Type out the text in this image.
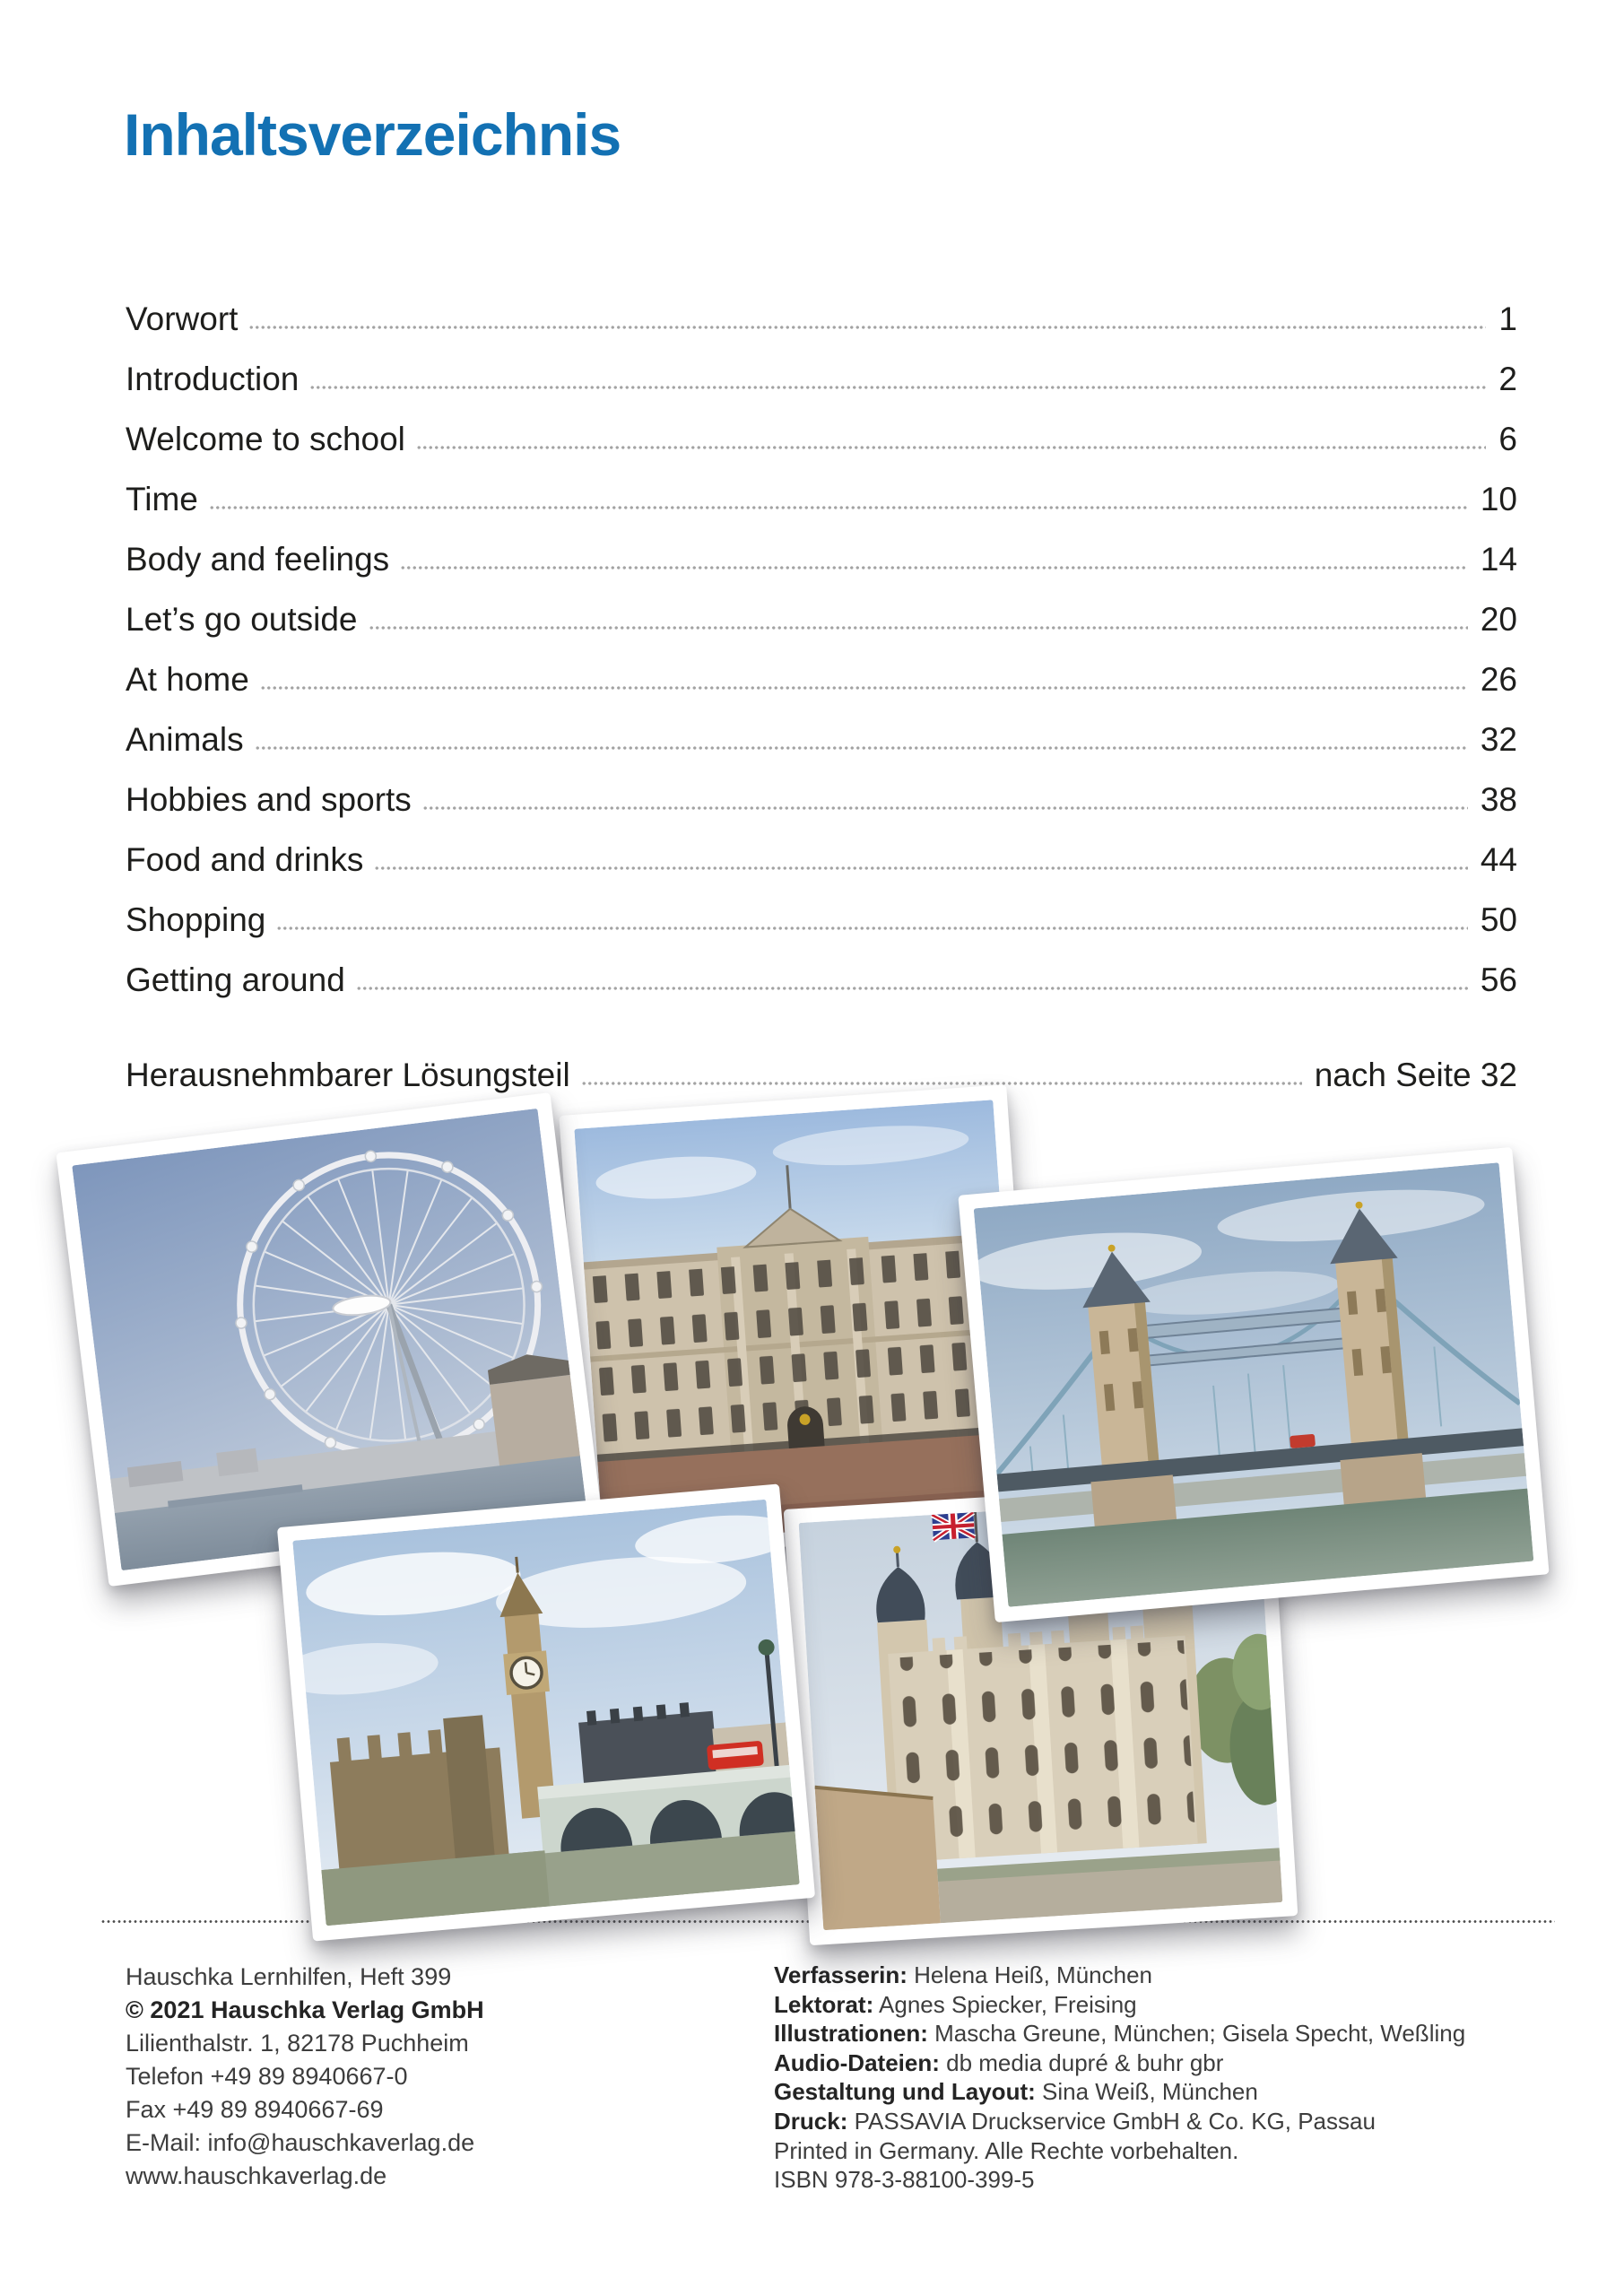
Inhaltsverzeichnis
Vorwort	1
Introduction	2
Welcome to school	6
Time	10
Body and feelings	14
Let’s go outside	20
At home	26
Animals	32
Hobbies and sports	38
Food and drinks	44
Shopping	50
Getting around	56
Herausnehmbarer Lösungsteil	nach Seite 32
Hauschka Lernhilfen, Heft 399
© 2021 Hauschka Verlag GmbH
Lilienthalstr. 1, 82178 Puchheim
Telefon +49 89 8940667-0
Fax +49 89 8940667-69
E-Mail: info@hauschkaverlag.de
www.hauschkaverlag.de
Verfasserin: Helena Heiß, München
Lektorat: Agnes Spiecker, Freising
Illustrationen: Mascha Greune, München; Gisela Specht, Weßling
Audio-Dateien: db media dupré & buhr gbr
Gestaltung und Layout: Sina Weiß, München
Druck: PASSAVIA Druckservice GmbH & Co. KG, Passau
Printed in Germany. Alle Rechte vorbehalten.
ISBN 978-3-88100-399-5
